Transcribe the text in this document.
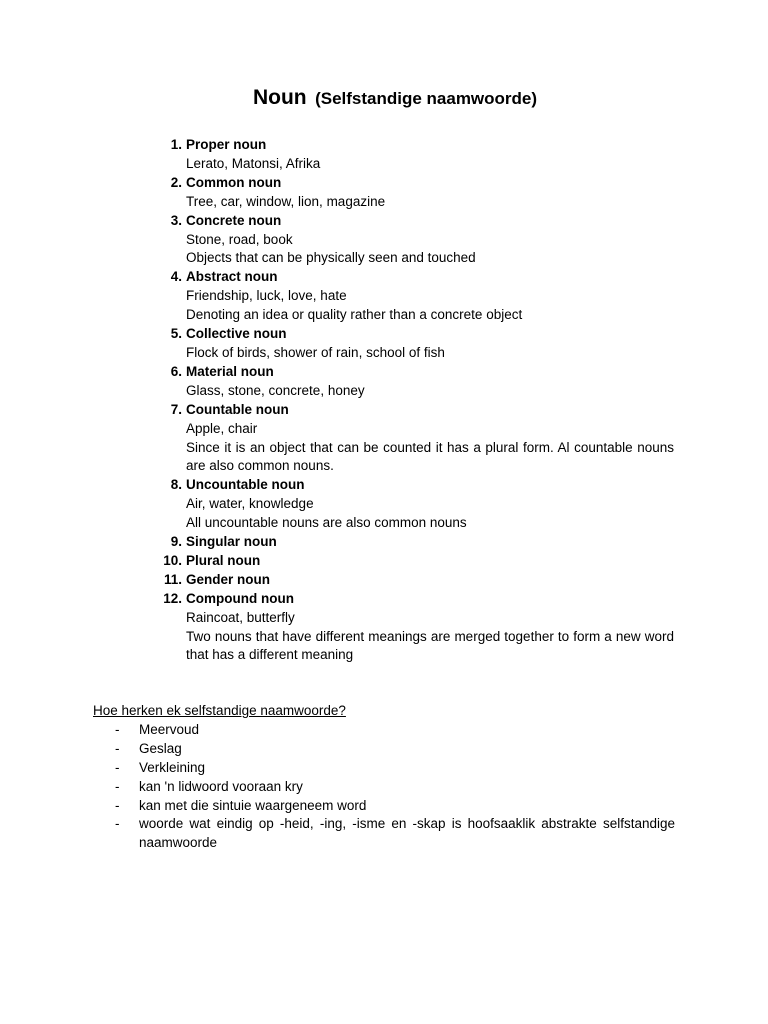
Noun (Selfstandige naamwoorde)
1. Proper noun
Lerato, Matonsi, Afrika
2. Common noun
Tree, car, window, lion, magazine
3. Concrete noun
Stone, road, book
Objects that can be physically seen and touched
4. Abstract noun
Friendship, luck, love, hate
Denoting an idea or quality rather than a concrete object
5. Collective noun
Flock of birds, shower of rain, school of fish
6. Material noun
Glass, stone, concrete, honey
7. Countable noun
Apple, chair
Since it is an object that can be counted it has a plural form. Al countable nouns are also common nouns.
8. Uncountable noun
Air, water, knowledge
All uncountable nouns are also common nouns
9. Singular noun
10. Plural noun
11. Gender noun
12. Compound noun
Raincoat, butterfly
Two nouns that have different meanings are merged together to form a new word that has a different meaning
Hoe herken ek selfstandige naamwoorde?
- Meervoud
- Geslag
- Verkleining
- kan 'n lidwoord vooraan kry
- kan met die sintuie waargeneem word
- woorde wat eindig op -heid, -ing, -isme en -skap is hoofsaaklik abstrakte selfstandige naamwoorde
